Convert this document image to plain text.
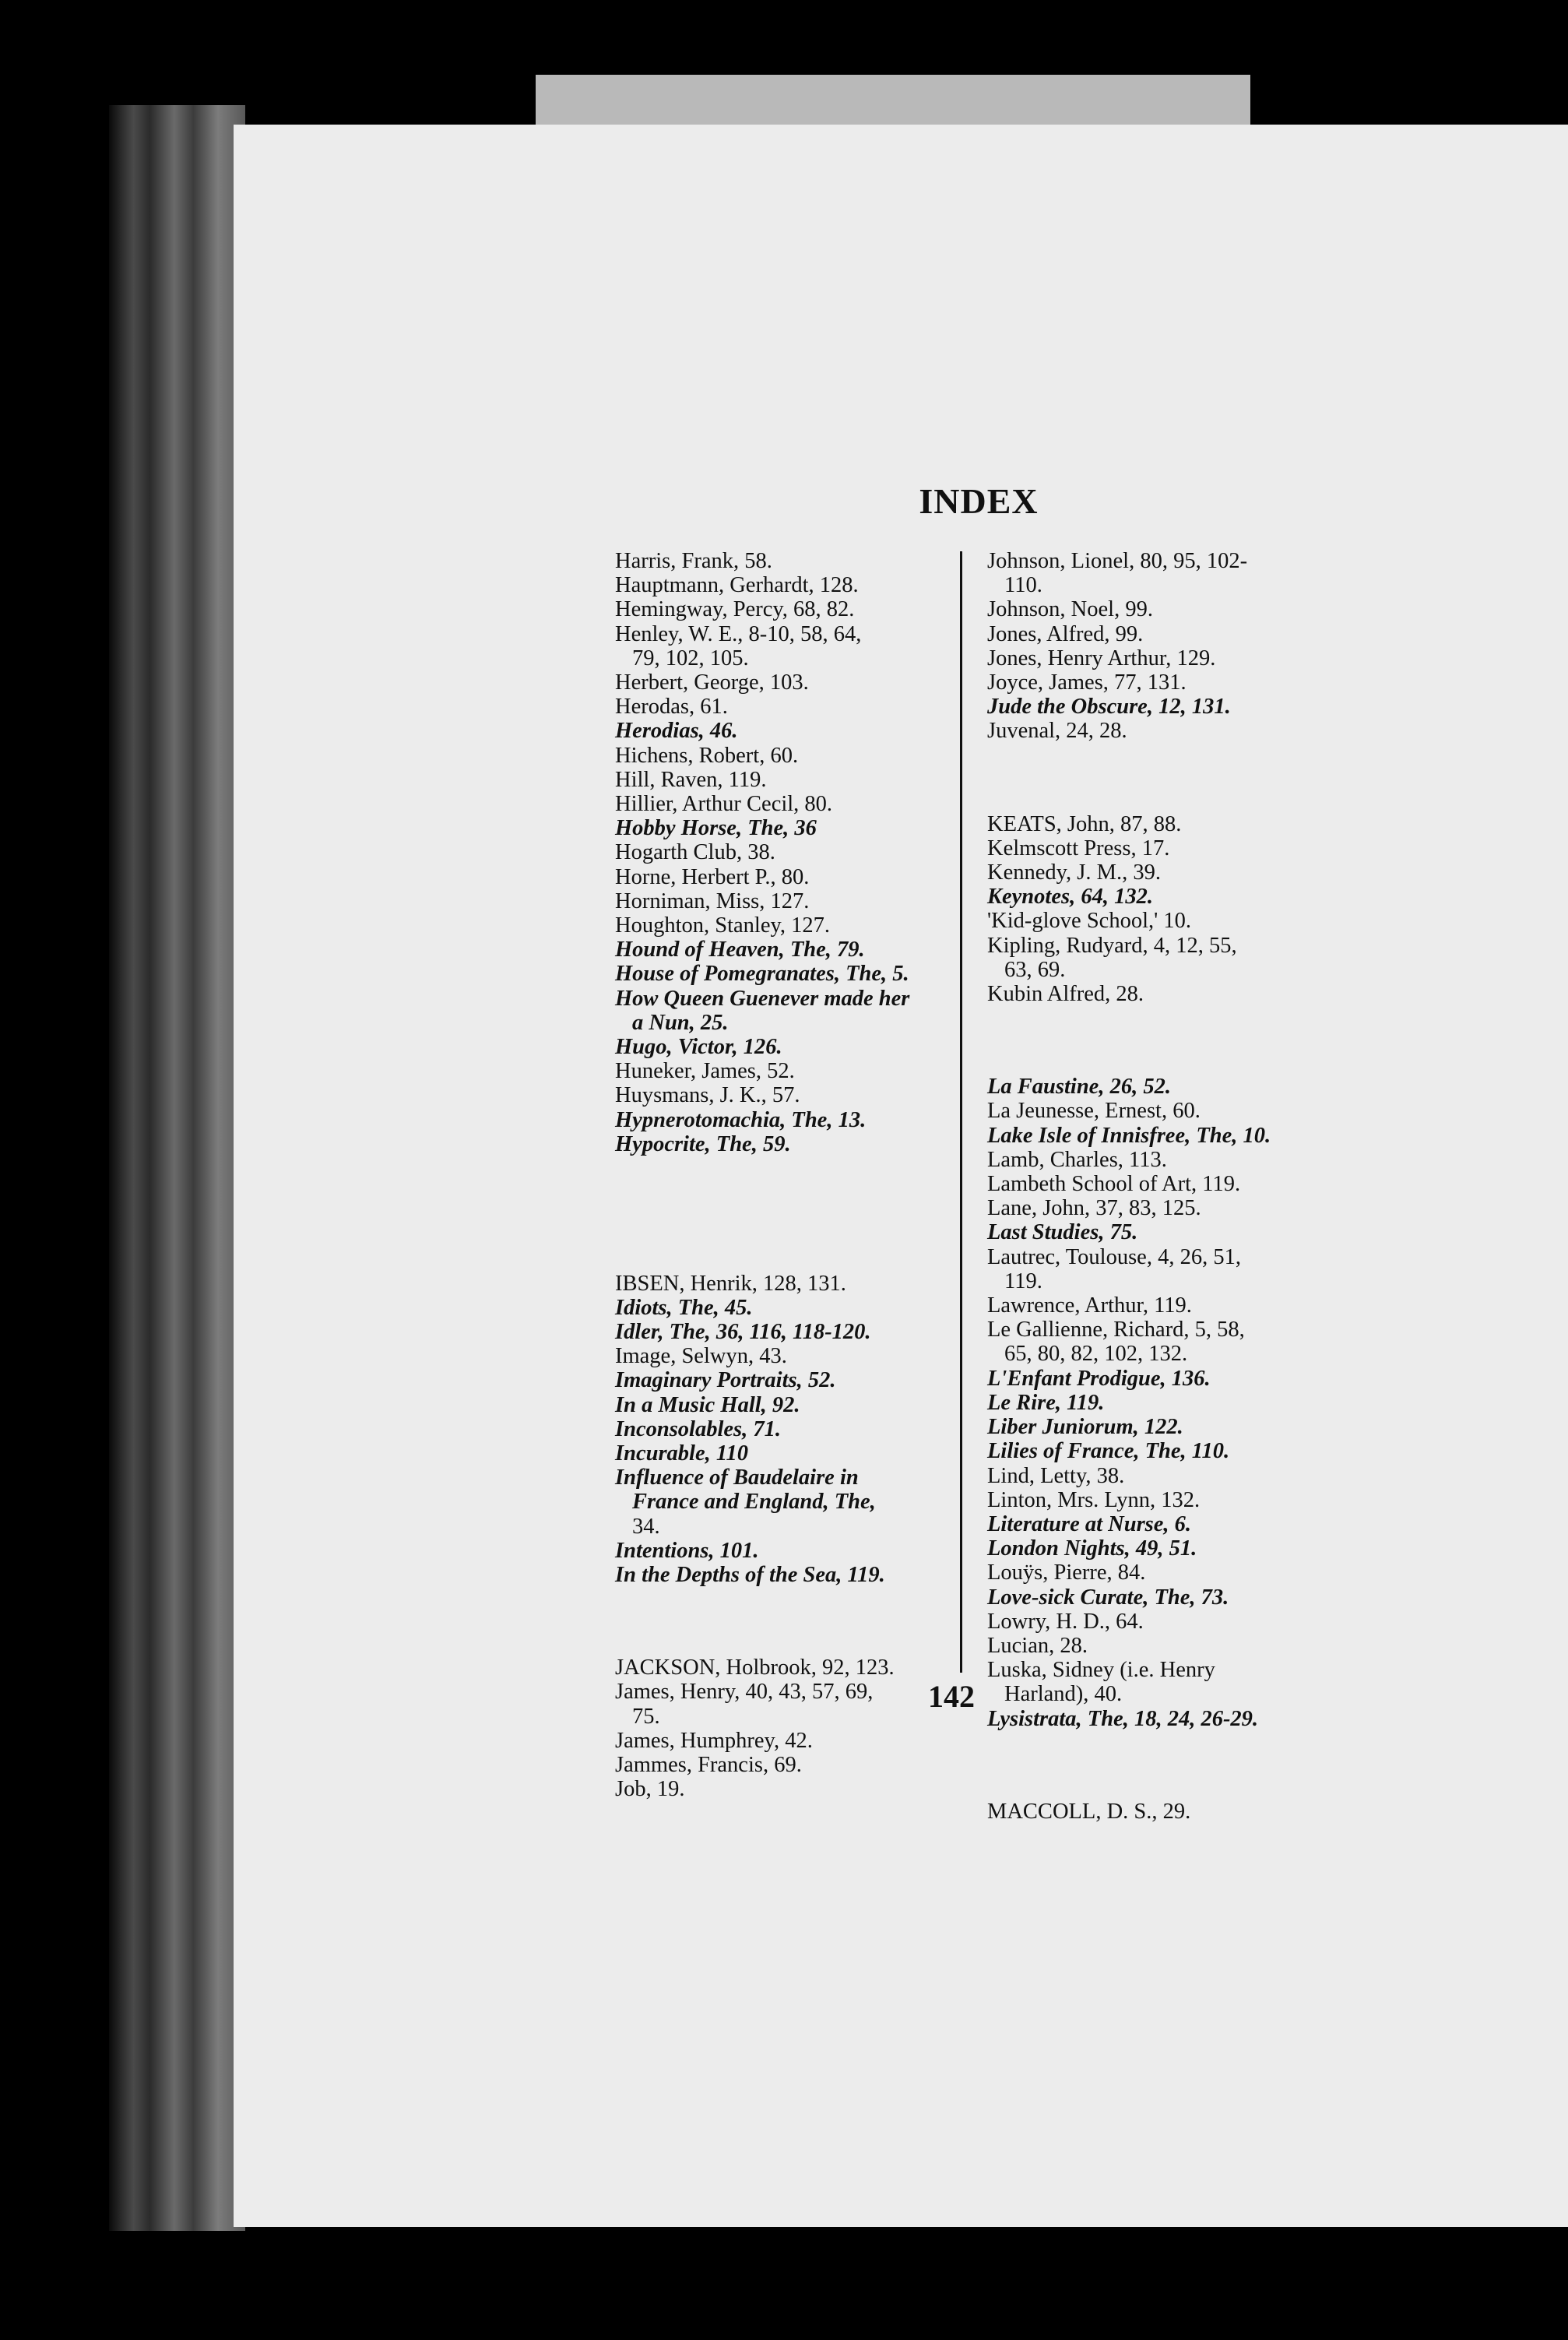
INDEX

Harris, Frank, 58.

Hauptmann, Gerhardt, 128.

Hemingway, Percy, 68, 82.

Henley, W. E., 8-10, 58, 64,

79, 102, 105.

Herbert, George, 103.

Herodas, 61.

Herodias, 46.

Hichens, Robert, 60.

Hill, Raven, 119.

Hillier, Arthur Cecil, 80.

Hobby Horse, The, 36

Hogarth Club, 38.

Horne, Herbert P., 80.

Horniman, Miss, 127.

Houghton, Stanley, 127.

Hound of Heaven, The, 79.

House of Pomegranates, The, 5.

How Queen Guenever made her

a Nun, 25.

Hugo, Victor, 126.

Huneker, James, 52.

Huysmans, J. K., 57.

Hypnerotomachia, The, 13.

Hypocrite, The, 59.

IBSEN, Henrik, 128, 131.

Idiots, The, 45.

Idler, The, 36, 116, 118-120.

Image, Selwyn, 43.

Imaginary Portraits, 52.

In a Music Hall, 92.

Inconsolables, 71.

Incurable, 110

Influence of Baudelaire in

France and England, The,

34.

Intentions, 101.

In the Depths of the Sea, 119.

JACKSON, Holbrook, 92, 123.

James, Henry, 40, 43, 57, 69,

75.

James, Humphrey, 42.

Jammes, Francis, 69.

Job, 19.

Johnson, Lionel, 80, 95, 102-

110.

Johnson, Noel, 99.

Jones, Alfred, 99.

Jones, Henry Arthur, 129.

Joyce, James, 77, 131.

Jude the Obscure, 12, 131.

Juvenal, 24, 28.

KEATS, John, 87, 88.

Kelmscott Press, 17.

Kennedy, J. M., 39.

Keynotes, 64, 132.

'Kid-glove School,' 10.

Kipling, Rudyard, 4, 12, 55,

63, 69.

Kubin Alfred, 28.

La Faustine, 26, 52.

La Jeunesse, Ernest, 60.

Lake Isle of Innisfree, The, 10.

Lamb, Charles, 113.

Lambeth School of Art, 119.

Lane, John, 37, 83, 125.

Last Studies, 75.

Lautrec, Toulouse, 4, 26, 51,

119.

Lawrence, Arthur, 119.

Le Gallienne, Richard, 5, 58,

65, 80, 82, 102, 132.

L'Enfant Prodigue, 136.

Le Rire, 119.

Liber Juniorum, 122.

Lilies of France, The, 110.

Lind, Letty, 38.

Linton, Mrs. Lynn, 132.

Literature at Nurse, 6.

London Nights, 49, 51.

Louÿs, Pierre, 84.

Love-sick Curate, The, 73.

Lowry, H. D., 64.

Lucian, 28.

Luska, Sidney (i.e. Henry

Harland), 40.

Lysistrata, The, 18, 24, 26-29.

MACCOLL, D. S., 29.

142
